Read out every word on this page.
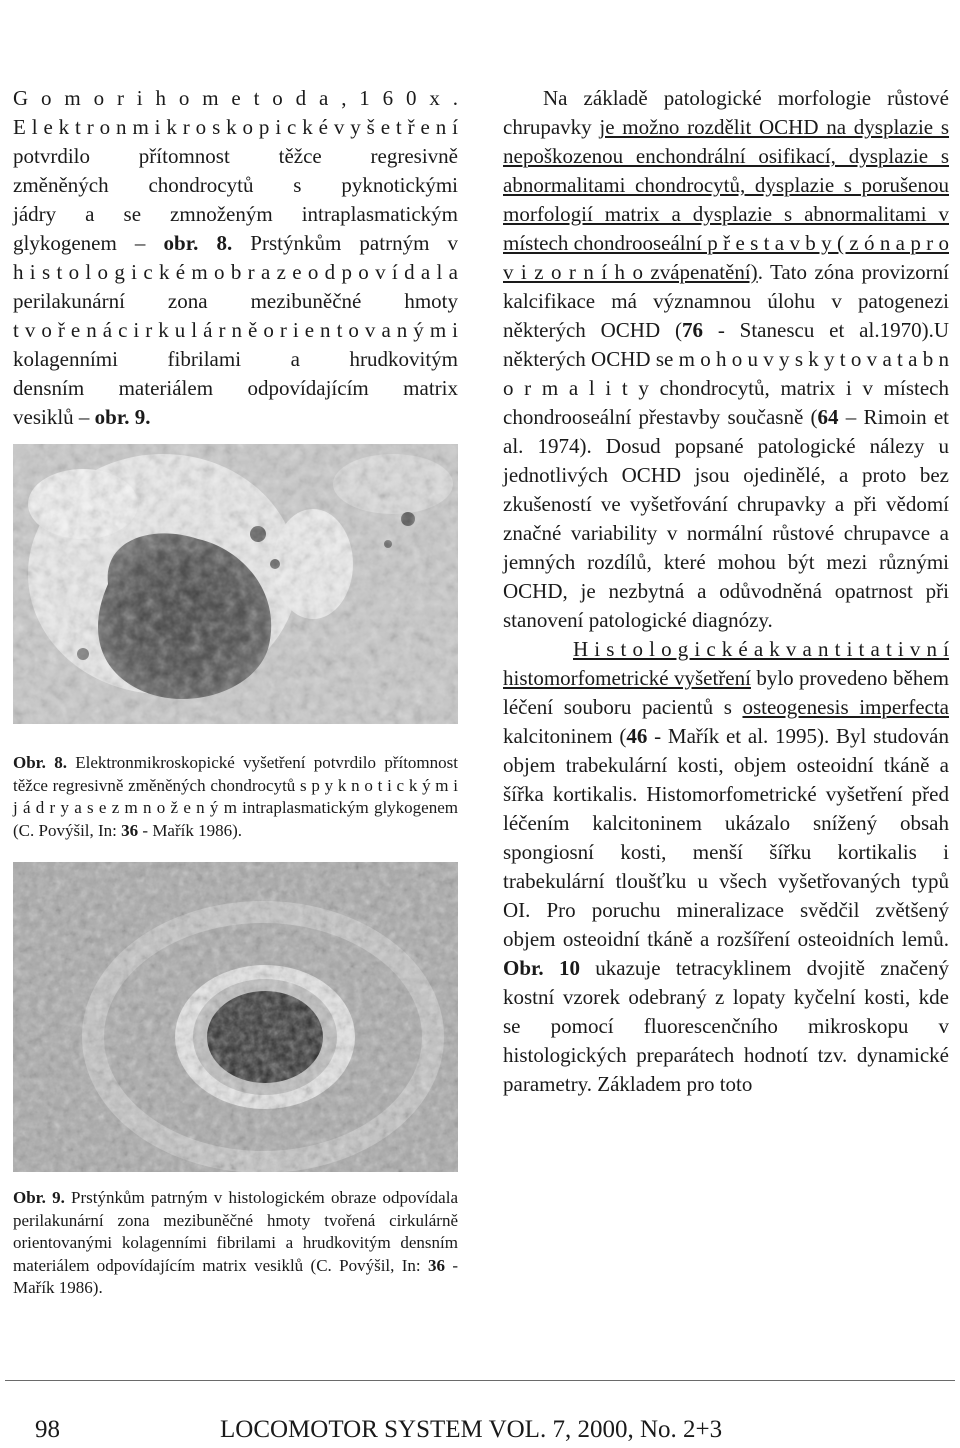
G o m o r i h o m e t o d a , 1 6 0 x .
E l e k t r o n m i k r o s k o p i c k é v y š e t ř e n í
potvrdilo přítomnost těžce regresivně
změněných chondrocytů s pyknotickými
jádry a se zmnoženým intraplasmatickým
glykogenem – obr. 8. Prstýnkům patrným v
h i s t o l o g i c k é m o b r a z e o d p o v í d a l a
perilakunární zona mezibuněčné hmoty
t v o ř e n á c i r k u l á r n ě o r i e n t o v a n ý m i
kolagenními fibrilami a hrudkovitým
densním materiálem odpovídajícím matrix
vesiklů – obr. 9.

Obr. 8. Elektronmikroskopické vyšetření potvrdilo přítomnost těžce regresivně změněných chondrocytů s p y k n o t i c k ý m i j á d r y a s e z m n o ž e n ý m intraplasmatickým glykogenem (C. Povýšil, In: 36 - Mařík 1986).

Obr. 9. Prstýnkům patrným v histologickém obraze odpovídala perilakunární zona mezibuněčné hmoty tvořená cirkulárně orientovanými kolagenními fibrilami a hrudkovitým densním materiálem odpovídajícím matrix vesiklů (C. Povýšil, In: 36 - Mařík 1986).

Na základě patologické morfologie růstové chrupavky je možno rozdělit OCHD na dysplazie s nepoškozenou enchondrální osifikací, dysplazie s abnormalitami chondrocytů, dysplazie s porušenou morfologií matrix a dysplazie s abnormalitami v místech chondrooseální p ř e s t a v b y ( z ó n a p r o v i z o r n í h o zvápenatění). Tato zóna provizorní kalcifikace má významnou úlohu v patogenezi některých OCHD (76 - Stanescu et al.1970).U některých OCHD se m o h o u v y s k y t o v a t a b n o r m a l i t y chondrocytů, matrix i v místech chondrooseální přestavby současně (64 – Rimoin et al. 1974). Dosud popsané patologické nálezy u jednotlivých OCHD jsou ojedinělé, a proto bez zkušeností ve vyšetřování chrupavky a při vědomí značné variability v normální růstové chrupavce a jemných rozdílů, které mohou být mezi různými OCHD, je nezbytná a odůvodněná opatrnost při stanovení patologické diagnózy.

H i s t o l o g i c k é a k v a n t i t a t i v n í histomorfometrické vyšetření bylo provedeno během léčení souboru pacientů s osteogenesis imperfecta kalcitoninem (46 - Mařík et al. 1995). Byl studován objem trabekulární kosti, objem osteoidní tkáně a šířka kortikalis. Histomorfometrické vyšetření před léčením kalcitoninem ukázalo snížený obsah spongiosní kosti, menší šířku kortikalis i trabekulární tloušťku u všech vyšetřovaných typů OI. Pro poruchu mineralizace svědčil zvětšený objem osteoidní tkáně a rozšíření osteoidních lemů. Obr. 10 ukazuje tetracyklinem dvojitě značený kostní vzorek odebraný z lopaty kyčelní kosti, kde se pomocí fluorescenčního mikroskopu v histologických preparátech hodnotí tzv. dynamické parametry. Základem pro toto

98	LOCOMOTOR SYSTEM VOL. 7, 2000, No. 2+3
